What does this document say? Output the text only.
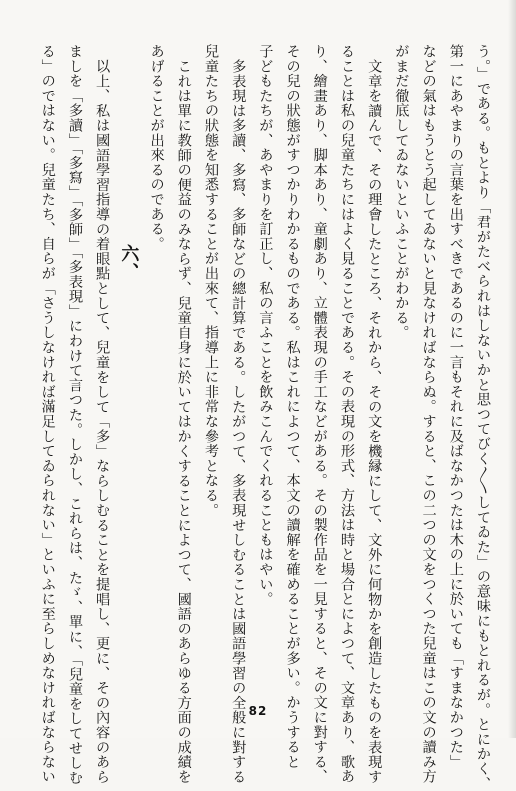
う。」である。もとより「君がたべられはしないかと思つてびく〳〵してゐた」の意味にもとれるが。とにかく、

第一にあやまりの言葉を出すべきであるのに一言もそれに及ばなかつたは木の上に於いても「すまなかつた」

などの氣はもうとう起してゐないと見なければならぬ。すると、この二つの文をつくつた兒童はこの文の讀み方

がまだ徹底してゐないといふことがわかる。

文章を讀んで、その理會したところ、それから、その文を機縁にして、文外に何物かを創造したものを表現す

ることは私の兒童たちにはよく見ることである。その表現の形式、方法は時と場合とによつて、文章あり、歌あ

り、繪畫あり、脚本あり、童劇あり、立體表現の手工などがある。その製作品を一見すると、その文に對する、

その兒の狀態がすつかりわかるものである。私はこれによつて、本文の讀解を確めることが多い。かうすると

子どもたちが、あやまりを訂正し、私の言ふことを飲みこんでくれることもはやい。

多表現は多讀、多寫、多師などの總計算である。したがつて、多表現せしむることは國語學習の全般に對する

兒童たちの狀態を知悉することが出來て、指導上に非常な參考となる。

これは單に教師の便益のみならず、兒童自身に於いてはかくすることによつて、國語のあらゆる方面の成績を

あげることが出來るのである。

六、

以上、私は國語學習指導の着眼點として、兒童をして「多」ならしむることを提唱し、更に、その內容のあら

ましを「多讀」「多寫」「多師」「多表現」にわけて言つた。しかし、これらは、たゞ、單に、「兒童をしてせしむ

る」のではない。兒童たち、自らが「さうしなければ滿足してゐられない」といふに至らしめなければならない	82
